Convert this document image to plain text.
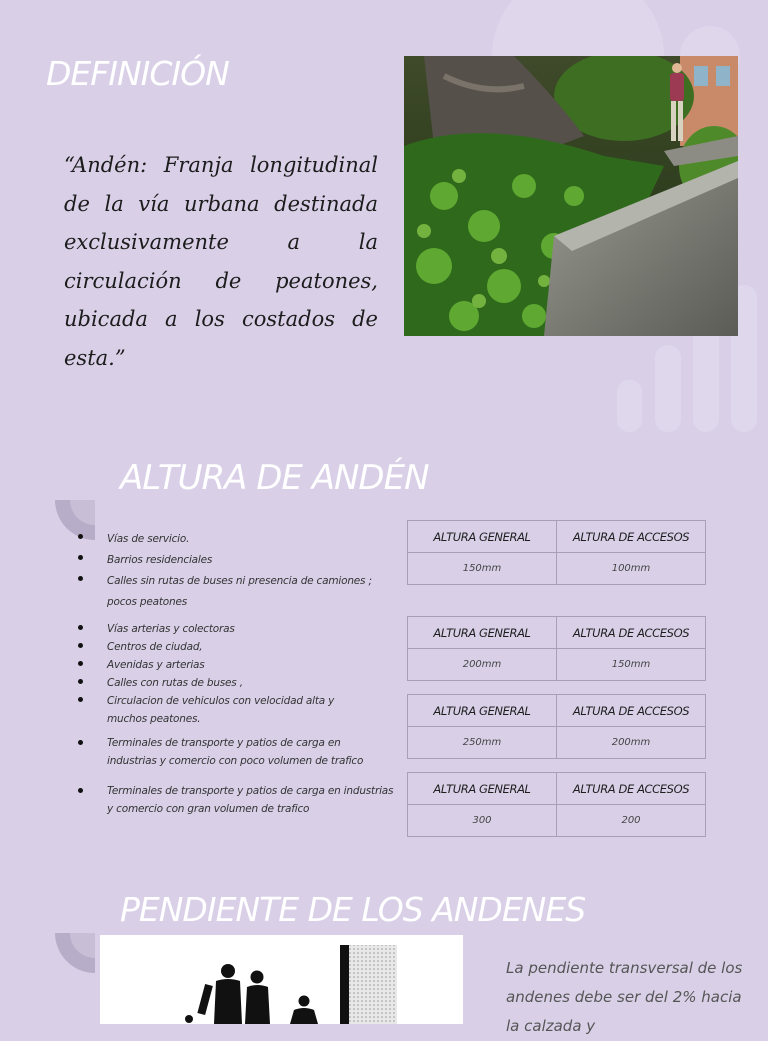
DEFINICIÓN

“Andén: Franja longitudinal de la vía urbana destinada exclusivamente a la circulación de peatones, ubicada a los costados de esta.”

ALTURA DE ANDÉN
Vías de servicio.
Barrios residenciales
Calles sin rutas de buses ni presencia de camiones ; pocos peatones
ALTURA GENERAL	ALTURA DE ACCESOS
150mm	100mm
Vías arterias y colectoras
Centros de ciudad,
Avenidas y arterias
Calles con rutas de buses ,
Circulacion de vehiculos con velocidad alta y muchos peatones.
ALTURA GENERAL	ALTURA DE ACCESOS
200mm	150mm
Terminales de transporte y patios de carga en industrias y comercio con poco volumen de trafico
ALTURA GENERAL	ALTURA DE ACCESOS
250mm	200mm
Terminales de transporte y patios de carga en industrias y comercio con gran volumen de trafico
ALTURA GENERAL	ALTURA DE ACCESOS
300	200
PENDIENTE DE LOS ANDENES

La pendiente transversal de los andenes debe ser del 2% hacia la calzada y
